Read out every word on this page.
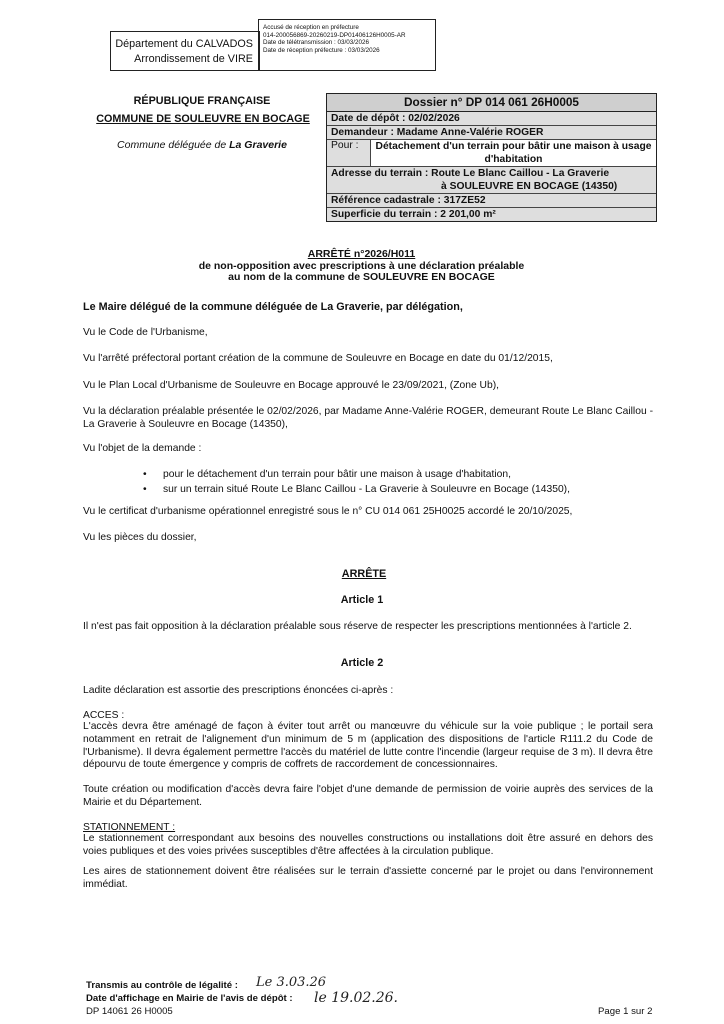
Département du CALVADOS
Arrondissement de VIRE
Accusé de réception en préfecture
014-200056869-20260219-DP01406126H0005-AR
Date de télétransmission : 03/03/2026
Date de réception préfecture : 03/03/2026
RÉPUBLIQUE FRANÇAISE
COMMUNE DE SOULEUVRE EN BOCAGE
Commune déléguée de La Graverie
Dossier n° DP 014 061 26H0005
Date de dépôt : 02/02/2026
Demandeur : Madame Anne-Valérie ROGER
Pour :	Détachement d'un terrain pour bâtir une maison à usage d'habitation
Adresse du terrain : Route Le Blanc Caillou - La Graverie
à SOULEUVRE EN BOCAGE (14350)
Référence cadastrale : 317ZE52
Superficie du terrain : 2 201,00 m²
ARRÊTÉ n°2026/H011
de non-opposition avec prescriptions à une déclaration préalable
au nom de la commune de SOULEUVRE EN BOCAGE
Le Maire délégué de la commune déléguée de La Graverie, par délégation,
Vu le Code de l'Urbanisme,
Vu l'arrêté préfectoral portant création de la commune de Souleuvre en Bocage en date du 01/12/2015,
Vu le Plan Local d'Urbanisme de Souleuvre en Bocage approuvé le 23/09/2021, (Zone Ub),
Vu la déclaration préalable présentée le 02/02/2026, par Madame Anne-Valérie ROGER, demeurant Route Le Blanc Caillou - La Graverie à Souleuvre en Bocage (14350),
Vu l'objet de la demande :
• pour le détachement d'un terrain pour bâtir une maison à usage d'habitation,
• sur un terrain situé Route Le Blanc Caillou - La Graverie à Souleuvre en Bocage (14350),
Vu le certificat d'urbanisme opérationnel enregistré sous le n° CU 014 061 25H0025 accordé le 20/10/2025,
Vu les pièces du dossier,
ARRÊTE
Article 1
Il n'est pas fait opposition à la déclaration préalable sous réserve de respecter les prescriptions mentionnées à l'article 2.
Article 2
Ladite déclaration est assortie des prescriptions énoncées ci-après :
ACCES :
L'accès devra être aménagé de façon à éviter tout arrêt ou manœuvre du véhicule sur la voie publique ; le portail sera notamment en retrait de l'alignement d'un minimum de 5 m (application des dispositions de l'article R111.2 du Code de l'Urbanisme). Il devra également permettre l'accès du matériel de lutte contre l'incendie (largeur requise de 3 m). Il devra être dépourvu de toute émergence y compris de coffrets de raccordement de concessionnaires.
Toute création ou modification d'accès devra faire l'objet d'une demande de permission de voirie auprès des services de la Mairie et du Département.
STATIONNEMENT :
Le stationnement correspondant aux besoins des nouvelles constructions ou installations doit être assuré en dehors des voies publiques et des voies privées susceptibles d'être affectées à la circulation publique.
Les aires de stationnement doivent être réalisées sur le terrain d'assiette concerné par le projet ou dans l'environnement immédiat.
Transmis au contrôle de légalité : Le 3.03.26
Date d'affichage en Mairie de l'avis de dépôt : le 19.02.26.
DP 14061 26 H0005	Page 1 sur 2
